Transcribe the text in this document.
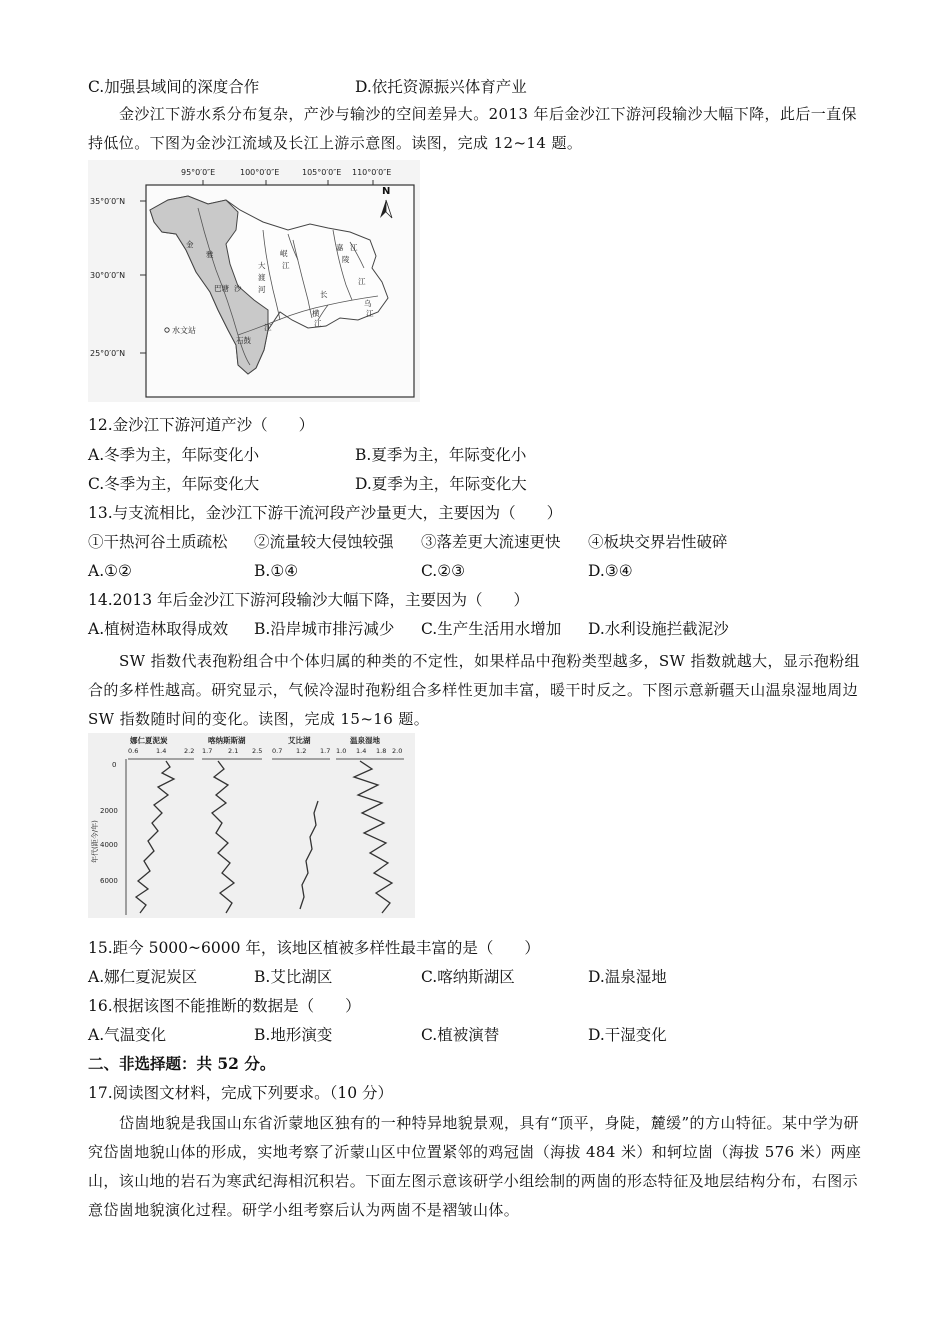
C.加强县域间的深度合作	D.依托资源振兴体育产业
金沙江下游水系分布复杂，产沙与输沙的空间差异大。2013 年后金沙江下游河段输沙大幅下降，此后一直保持低位。下图为金沙江流域及长江上游示意图。读图，完成 12~14 题。
95°0′0″E	100°0′0″E	105°0′0″E 110°0′0″E
35°0′0″N
30°0′0″N
25°0′0″N
N
金
雅
巴塘 沙
大
渡
河
岷
江
长
横
江
石鼓
江
嘉
陵
江
乌
江
江
水文站
12.金沙江下游河道产沙（　　）
A.冬季为主，年际变化小	B.夏季为主，年际变化小
C.冬季为主，年际变化大	D.夏季为主，年际变化大
13.与支流相比，金沙江下游干流河段产沙量更大，主要因为（　　）
①干热河谷土质疏松 ②流量较大侵蚀较强 ③落差更大流速更快 ④板块交界岩性破碎
A.①②	B.①④	C.②③	D.③④
14.2013 年后金沙江下游河段输沙大幅下降，主要因为（　　）
A.植树造林取得成效 B.沿岸城市排污减少 C.生产生活用水增加 D.水利设施拦截泥沙
SW 指数代表孢粉组合中个体归属的种类的不定性，如果样品中孢粉类型越多，SW 指数就越大，显示孢粉组合的多样性越高。研究显示，气候冷湿时孢粉组合多样性更加丰富，暖干时反之。下图示意新疆天山温泉湿地周边 SW 指数随时间的变化。读图，完成 15~16 题。
娜仁夏泥炭	喀纳斯斯湖	艾比湖	温泉湿地
0.6	1.4	2.2 1.7 2.1 2.5 0.7 1.2 1.7 1.0 1.4 1.8 2.0
0
2000
4000
6000
年代(距今/年)
15.距今 5000~6000 年，该地区植被多样性最丰富的是（　　）
A.娜仁夏泥炭区	B.艾比湖区	C.喀纳斯湖区	D.温泉湿地
16.根据该图不能推断的数据是（　　）
A.气温变化	B.地形演变	C.植被演替	D.干湿变化
二、非选择题：共 52 分。
17.阅读图文材料，完成下列要求。（10 分）
岱崮地貌是我国山东省沂蒙地区独有的一种特异地貌景观，具有“顶平，身陡，麓缓”的方山特征。某中学为研究岱崮地貌山体的形成，实地考察了沂蒙山区中位置紧邻的鸡冠崮（海拔 484 米）和轲垃崮（海拔 576 米）两座山，该山地的岩石为寒武纪海相沉积岩。下面左图示意该研学小组绘制的两崮的形态特征及地层结构分布，右图示意岱崮地貌演化过程。研学小组考察后认为两崮不是褶皱山体。
